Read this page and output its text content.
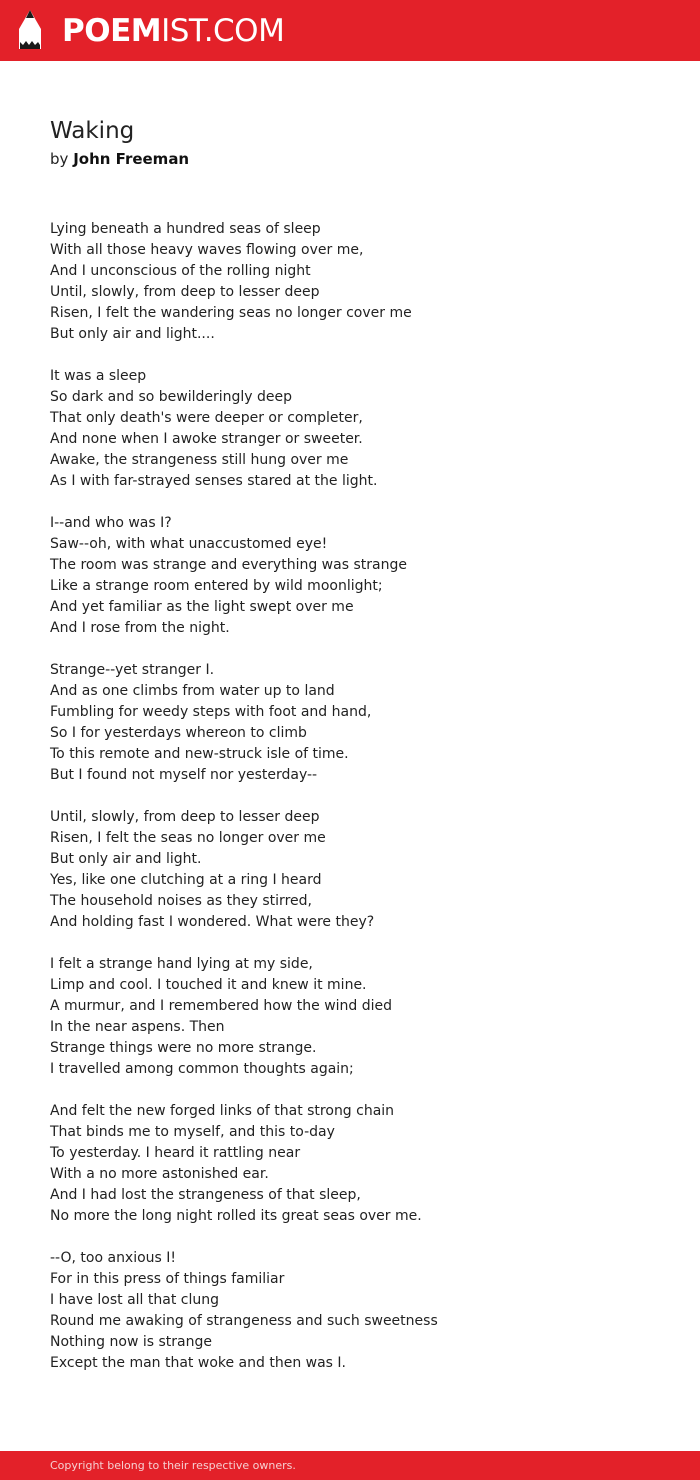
POEMIST.COM
Waking
by John Freeman
Lying beneath a hundred seas of sleep
With all those heavy waves flowing over me,
And I unconscious of the rolling night
Until, slowly, from deep to lesser deep
Risen, I felt the wandering seas no longer cover me
But only air and light....
It was a sleep
So dark and so bewilderingly deep
That only death's were deeper or completer,
And none when I awoke stranger or sweeter.
Awake, the strangeness still hung over me
As I with far-strayed senses stared at the light.
I--and who was I?
Saw--oh, with what unaccustomed eye!
The room was strange and everything was strange
Like a strange room entered by wild moonlight;
And yet familiar as the light swept over me
And I rose from the night.
Strange--yet stranger I.
And as one climbs from water up to land
Fumbling for weedy steps with foot and hand,
So I for yesterdays whereon to climb
To this remote and new-struck isle of time.
But I found not myself nor yesterday--
Until, slowly, from deep to lesser deep
Risen, I felt the seas no longer over me
But only air and light.
Yes, like one clutching at a ring I heard
The household noises as they stirred,
And holding fast I wondered. What were they?
I felt a strange hand lying at my side,
Limp and cool. I touched it and knew it mine.
A murmur, and I remembered how the wind died
In the near aspens. Then
Strange things were no more strange.
I travelled among common thoughts again;
And felt the new forged links of that strong chain
That binds me to myself, and this to-day
To yesterday. I heard it rattling near
With a no more astonished ear.
And I had lost the strangeness of that sleep,
No more the long night rolled its great seas over me.
--O, too anxious I!
For in this press of things familiar
I have lost all that clung
Round me awaking of strangeness and such sweetness
Nothing now is strange
Except the man that woke and then was I.
Copyright belong to their respective owners.
